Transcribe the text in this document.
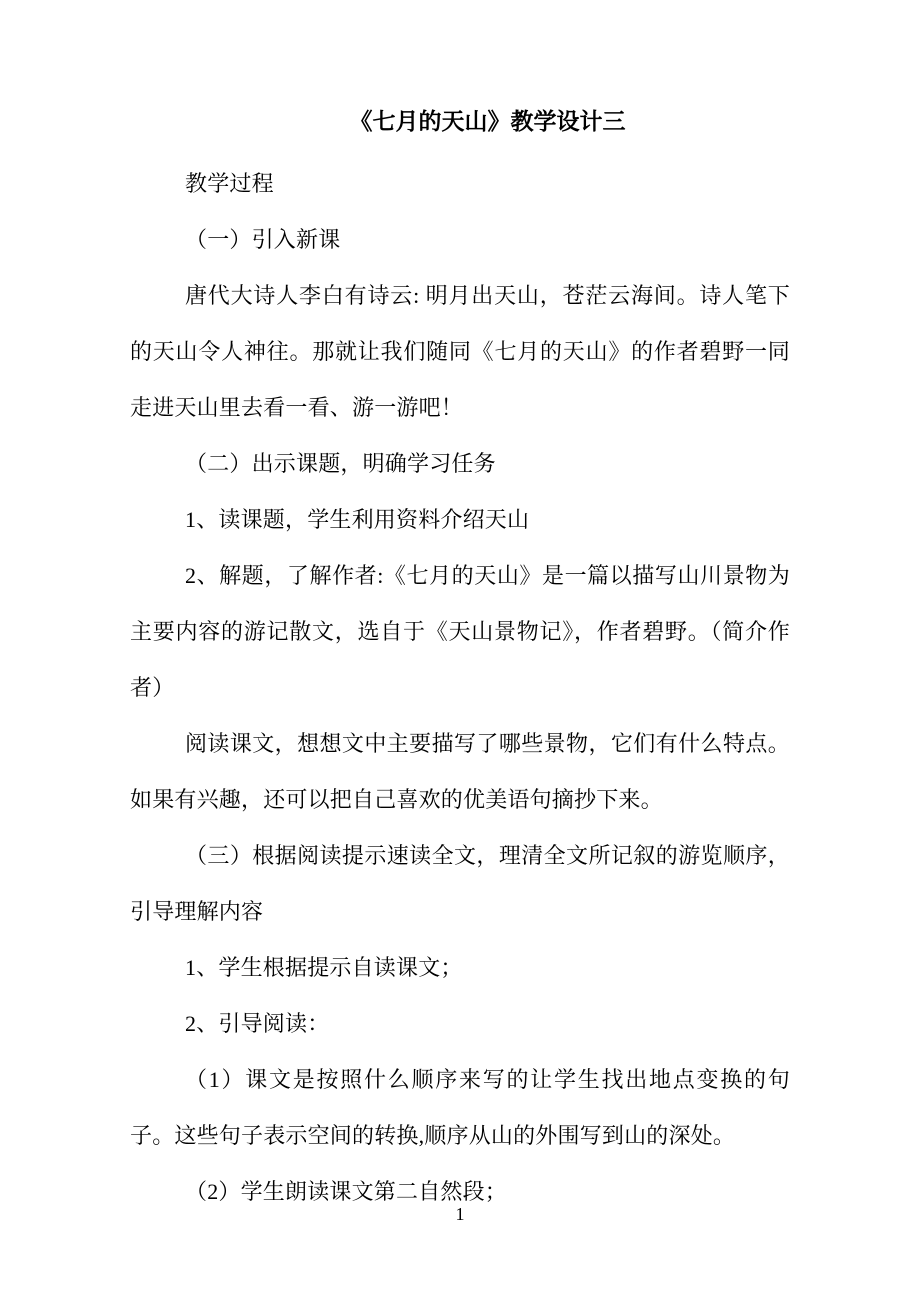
《七月的天山》教学设计三

教学过程

（一）引入新课

唐代大诗人李白有诗云: 明月出天山，苍茫云海间。诗人笔下的天山令人神往。那就让我们随同《七月的天山》的作者碧野一同走进天山里去看一看、游一游吧！

（二）出示课题，明确学习任务

1、读课题，学生利用资料介绍天山

2、解题，了解作者:《七月的天山》是一篇以描写山川景物为主要内容的游记散文，选自于《天山景物记》，作者碧野。（简介作者）

阅读课文，想想文中主要描写了哪些景物，它们有什么特点。如果有兴趣，还可以把自己喜欢的优美语句摘抄下来。

（三）根据阅读提示速读全文，理清全文所记叙的游览顺序，引导理解内容

1、学生根据提示自读课文；

2、引导阅读：

（1）课文是按照什么顺序来写的让学生找出地点变换的句子。这些句子表示空间的转换,顺序从山的外围写到山的深处。

（2）学生朗读课文第二自然段；

1
